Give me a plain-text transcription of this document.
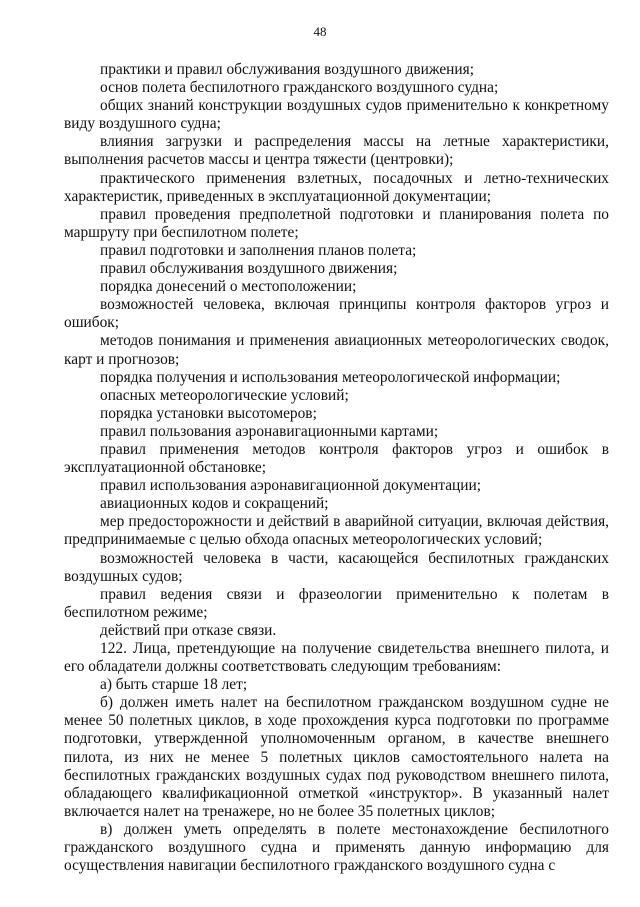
48

практики и правил обслуживания воздушного движения;

основ полета беспилотного гражданского воздушного судна;

общих знаний конструкции воздушных судов применительно к конкретному виду воздушного судна;

влияния загрузки и распределения массы на летные характеристики, выполнения расчетов массы и центра тяжести (центровки);

практического применения взлетных, посадочных и летно-технических характеристик, приведенных в эксплуатационной документации;

правил проведения предполетной подготовки и планирования полета по маршруту при беспилотном полете;

правил подготовки и заполнения планов полета;

правил обслуживания воздушного движения;

порядка донесений о местоположении;

возможностей человека, включая принципы контроля факторов угроз и ошибок;

методов понимания и применения авиационных метеорологических сводок, карт и прогнозов;

порядка получения и использования метеорологической информации;

опасных метеорологические условий;

порядка установки высотомеров;

правил пользования аэронавигационными картами;

правил применения методов контроля факторов угроз и ошибок в эксплуатационной обстановке;

правил использования аэронавигационной документации;

авиационных кодов и сокращений;

мер предосторожности и действий в аварийной ситуации, включая действия, предпринимаемые с целью обхода опасных метеорологических условий;

возможностей человека в части, касающейся беспилотных гражданских воздушных судов;

правил ведения связи и фразеологии применительно к полетам в беспилотном режиме;

действий при отказе связи.

122. Лица, претендующие на получение свидетельства внешнего пилота, и его обладатели должны соответствовать следующим требованиям:

а) быть старше 18 лет;

б) должен иметь налет на беспилотном гражданском воздушном судне не менее 50 полетных циклов, в ходе прохождения курса подготовки по программе подготовки, утвержденной уполномоченным органом, в качестве внешнего пилота, из них не менее 5 полетных циклов самостоятельного налета на беспилотных гражданских воздушных судах под руководством внешнего пилота, обладающего квалификационной отметкой «инструктор». В указанный налет включается налет на тренажере, но не более 35 полетных циклов;

в) должен уметь определять в полете местонахождение беспилотного гражданского воздушного судна и применять данную информацию для осуществления навигации беспилотного гражданского воздушного судна с
